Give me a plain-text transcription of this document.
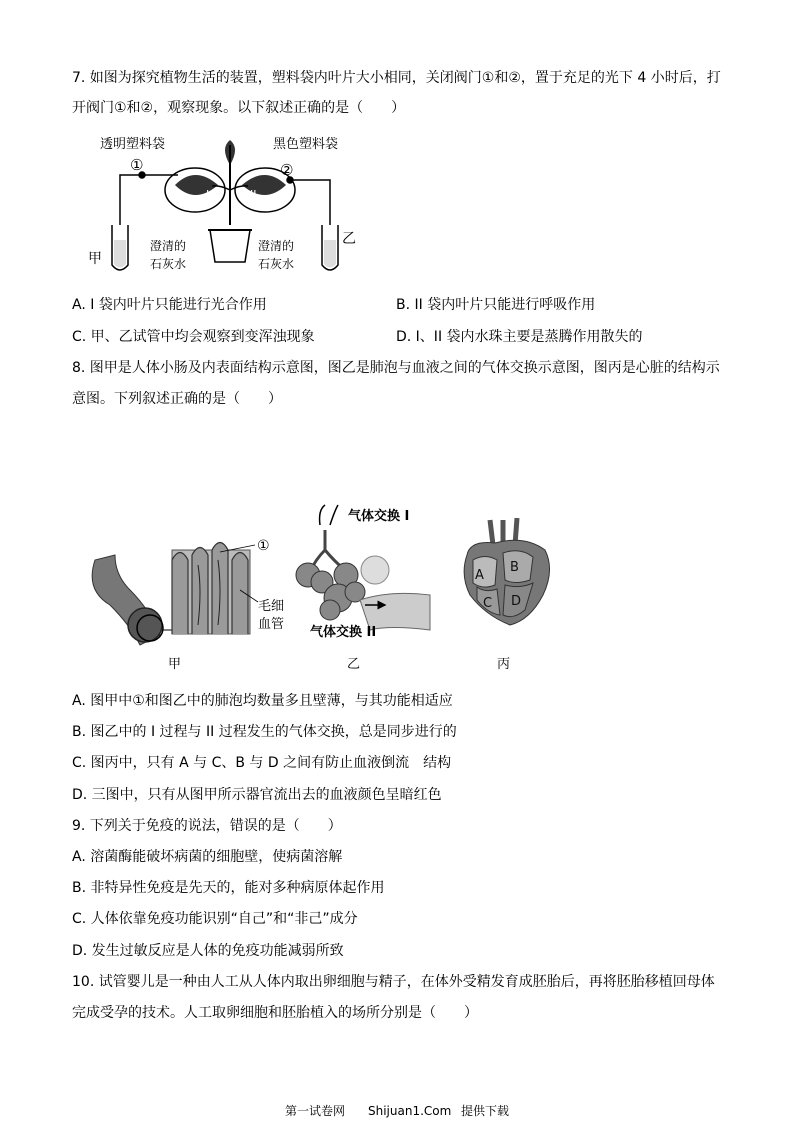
7. 如图为探究植物生活的装置，塑料袋内叶片大小相同，关闭阀门①和②，置于充足的光下 4 小时后，打
开阀门①和②，观察现象。以下叙述正确的是（　　）
透明塑料袋	黑色塑料袋
①	②
I	II
甲
乙
澄清的
石灰水
澄清的
石灰水
A. I 袋内叶片只能进行光合作用	B. II 袋内叶片只能进行呼吸作用
C. 甲、乙试管中均会观察到变浑浊现象	D. I、II 袋内水珠主要是蒸腾作用散失的
8. 图甲是人体小肠及内表面结构示意图，图乙是肺泡与血液之间的气体交换示意图，图丙是心脏的结构示
意图。下列叙述正确的是（　　）
①
毛细
血管
甲
气体交换 I
气体交换 II
乙
A
B
C D
丙
A. 图甲中①和图乙中的肺泡均数量多且壁薄，与其功能相适应
B. 图乙中的 I 过程与 II 过程发生的气体交换，总是同步进行的
C. 图丙中，只有 A 与 C、B 与 D 之间有防止血液倒流　结构
D. 三图中，只有从图甲所示器官流出去的血液颜色呈暗红色
9. 下列关于免疫的说法，错误的是（　　）
A. 溶菌酶能破坏病菌的细胞壁，使病菌溶解
B. 非特异性免疫是先天的，能对多种病原体起作用
C. 人体依靠免疫功能识别“自己”和“非己”成分
D. 发生过敏反应是人体的免疫功能减弱所致
10. 试管婴儿是一种由人工从人体内取出卵细胞与精子，在体外受精发育成胚胎后，再将胚胎移植回母体
完成受孕的技术。人工取卵细胞和胚胎植入的场所分别是（　　）
第一试卷网 Shijuan1.Com 提供下载
